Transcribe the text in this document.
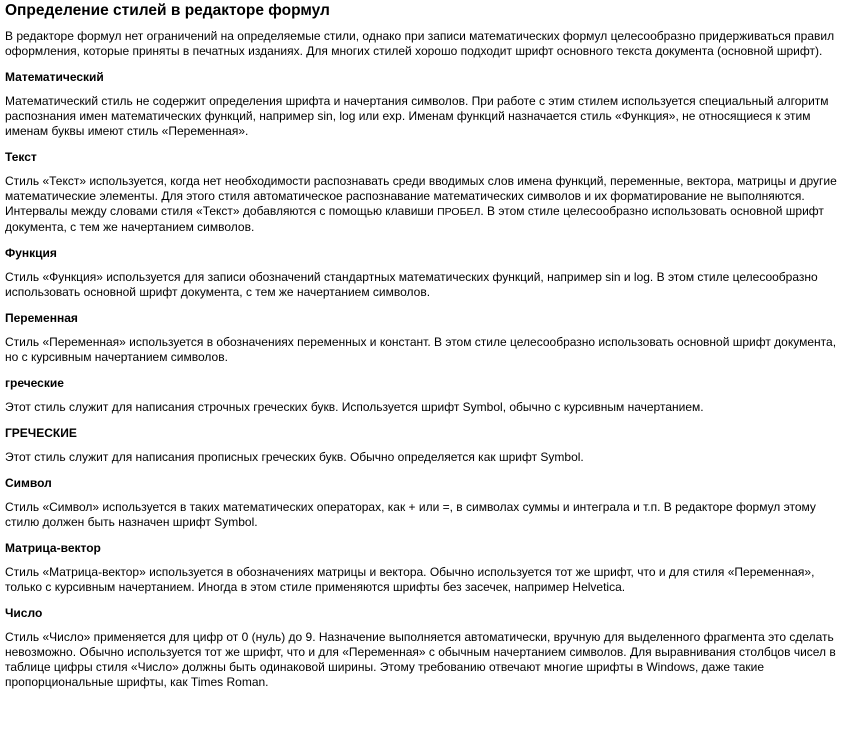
Определение стилей в редакторе формул

В редакторе формул нет ограничений на определяемые стили, однако при записи математических формул целесообразно придерживаться правил оформления, которые приняты в печатных изданиях. Для многих стилей хорошо подходит шрифт основного текста документа (основной шрифт).

Математический

Математический стиль не содержит определения шрифта и начертания символов. При работе с этим стилем используется специальный алгоритм распознания имен математических функций, например sin, log или exp. Именам функций назначается стиль «Функция», не относящиеся к этим именам буквы имеют стиль «Переменная».

Текст

Стиль «Текст» используется, когда нет необходимости распознавать среди вводимых слов имена функций, переменные, вектора, матрицы и другие математические элементы. Для этого стиля автоматическое распознавание математических символов и их форматирование не выполняются. Интервалы между словами стиля «Текст» добавляются с помощью клавиши ПРОБЕЛ. В этом стиле целесообразно использовать основной шрифт документа, с тем же начертанием символов.

Функция

Стиль «Функция» используется для записи обозначений стандартных математических функций, например sin и log. В этом стиле целесообразно использовать основной шрифт документа, с тем же начертанием символов.

Переменная

Стиль «Переменная» используется в обозначениях переменных и констант. В этом стиле целесообразно использовать основной шрифт документа, но с курсивным начертанием символов.

греческие

Этот стиль служит для написания строчных греческих букв. Используется шрифт Symbol, обычно с курсивным начертанием.

ГРЕЧЕСКИЕ

Этот стиль служит для написания прописных греческих букв. Обычно определяется как шрифт Symbol.

Символ

Стиль «Символ» используется в таких математических операторах, как + или =, в символах суммы и интеграла и т.п. В редакторе формул этому стилю должен быть назначен шрифт Symbol.

Матрица-вектор

Стиль «Матрица-вектор» используется в обозначениях матрицы и вектора. Обычно используется тот же шрифт, что и для стиля «Переменная», только с курсивным начертанием. Иногда в этом стиле применяются шрифты без засечек, например Helvetica.

Число

Стиль «Число» применяется для цифр от 0 (нуль) до 9. Назначение выполняется автоматически, вручную для выделенного фрагмента это сделать невозможно. Обычно используется тот же шрифт, что и для «Переменная» с обычным начертанием символов. Для выравнивания столбцов чисел в таблице цифры стиля «Число» должны быть одинаковой ширины. Этому требованию отвечают многие шрифты в Windows, даже такие пропорциональные шрифты, как Times Roman.
